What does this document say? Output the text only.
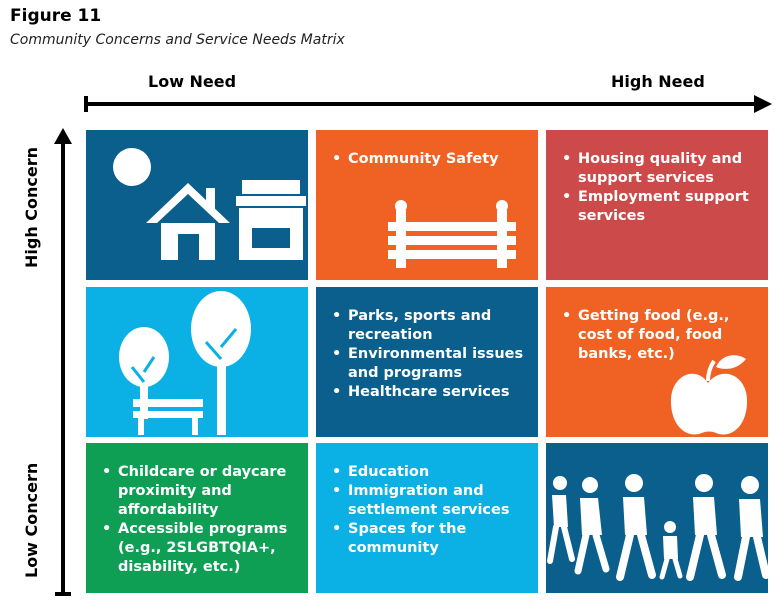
Figure 11
Community Concerns and Service Needs Matrix
Low Need	High Need
High Concern
Low Concern
• Community Safety
•	Housing quality and support services
• Employment support services
• Parks, sports and recreation
• Environmental issues and programs
• Healthcare services
• Getting food (e.g., cost of food, food banks, etc.)
• Childcare or daycare proximity and affordability
• Accessible programs (e.g., 2SLGBTQIA+, disability, etc.)
• Education
• Immigration and settlement services
• Spaces for the community
